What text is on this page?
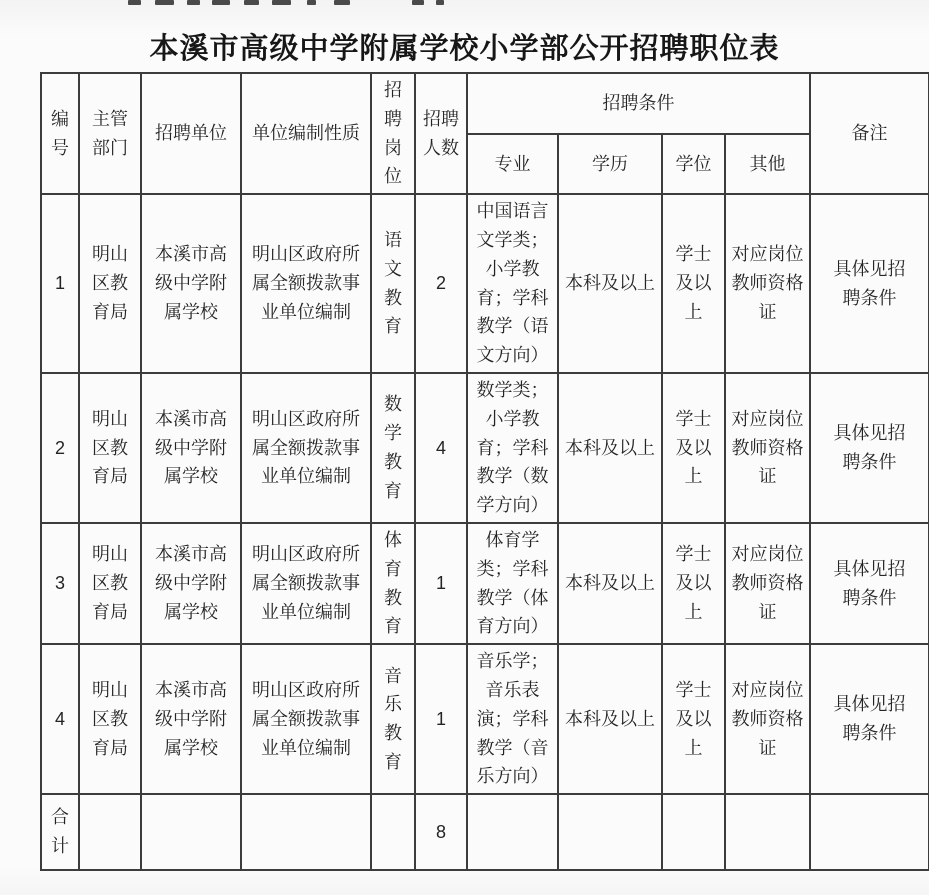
本溪市高级中学附属学校小学部公开招聘职位表
编号	主管部门	招聘单位	单位编制性质	招聘岗位	招聘人数	招聘条件				备注
						专业	学历	学位	其他	
1	明山区教育局	本溪市高级中学附属学校	明山区政府所属全额拨款事业单位编制	语文教育	2	中国语言文学类；小学教育；学科教学（语文方向）	本科及以上	学士及以上	对应岗位教师资格证	具体见招聘条件
2	明山区教育局	本溪市高级中学附属学校	明山区政府所属全额拨款事业单位编制	数学教育	4	数学类；小学教育；学科教学（数学方向）	本科及以上	学士及以上	对应岗位教师资格证	具体见招聘条件
3	明山区教育局	本溪市高级中学附属学校	明山区政府所属全额拨款事业单位编制	体育教育	1	体育学类；学科教学（体育方向）	本科及以上	学士及以上	对应岗位教师资格证	具体见招聘条件
4	明山区教育局	本溪市高级中学附属学校	明山区政府所属全额拨款事业单位编制	音乐教育	1	音乐学；音乐表演；学科教学（音乐方向）	本科及以上	学士及以上	对应岗位教师资格证	具体见招聘条件
合计					8					
